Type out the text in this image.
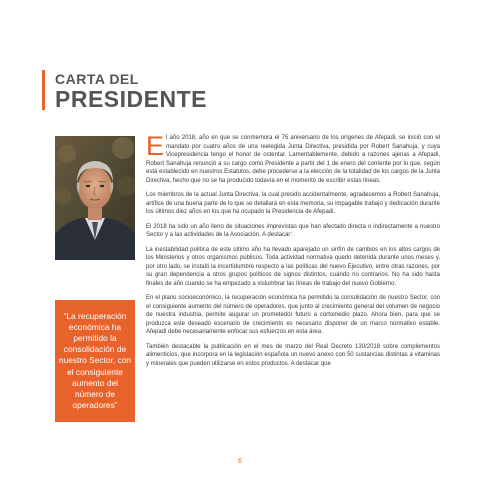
CARTA DEL
PRESIDENTE
“La recuperación económica ha permitido la consolidación de nuestro Sector, con el consiguiente aumento del número de operadores”

El año 2018, año en que se conmemora el 75 aniversario de los orígenes de Afepadi, se inició con el mandato por cuatro años de una reelegida Junta Directiva, presidida por Robert Sanahuja, y cuya Vicepresidencia tengo el honor de ostentar. Lamentablemente, debido a razones ajenas a Afepadi, Robert Sanahuja renunció a su cargo como Presidente a partir del 1 de enero del corriente por lo que, según está establecido en nuestros Estatutos, debe procederse a la elección de la totalidad de los cargos de la Junta Directiva, hecho que no se ha producido todavía en el momento de escribir estas líneas.

Los miembros de la actual Junta Directiva, la cual presido accidentalmente, agradecemos a Robert Sanahuja, artífice de una buena parte de lo que se detallará en esta memoria, su impagable trabajo y dedicación durante los últimos diez años en los que ha ocupado la Presidencia de Afepadi.

El 2018 ha sido un año lleno de situaciones imprevistas que han afectado directa o indirectamente a nuestro Sector y a las actividades de la Asociación. A destacar:

La inestabilidad política de este último año ha llevado aparejado un sinfín de cambios en los altos cargos de los Ministerios y otros organismos públicos. Toda actividad normativa quedo detenida durante unos meses y, por otro lado, se instaló la incertidumbre respecto a las políticas del nuevo Ejecutivo, entre otras razones, por su gran dependencia a otros grupos políticos de signos distintos, cuando no contrarios. No ha sido hasta finales de año cuando se ha empezado a vislumbrar las líneas de trabajo del nuevo Gobierno.

En el plano socioeconómico, la recuperación económica ha permitido la consolidación de nuestro Sector, con el consiguiente aumento del número de operadores, que junto al crecimiento general del volumen de negocio de nuestra industria, permite augurar un prometedor futuro a cortomedio plazo. Ahora bien, para que se produzca este deseado escenario de crecimiento es necesario disponer de un marco normativo estable. Afepadi debe necesariamente enfocar sus esfuerzos en esta área.

También destacable la publicación en el mes de marzo del Real Decreto 130/2018 sobre complementos alimenticios, que incorpora en la legislación española un nuevo anexo con 50 sustancias distintas a vitaminas y minerales que pueden utilizarse en estos productos. A destacar que

6
